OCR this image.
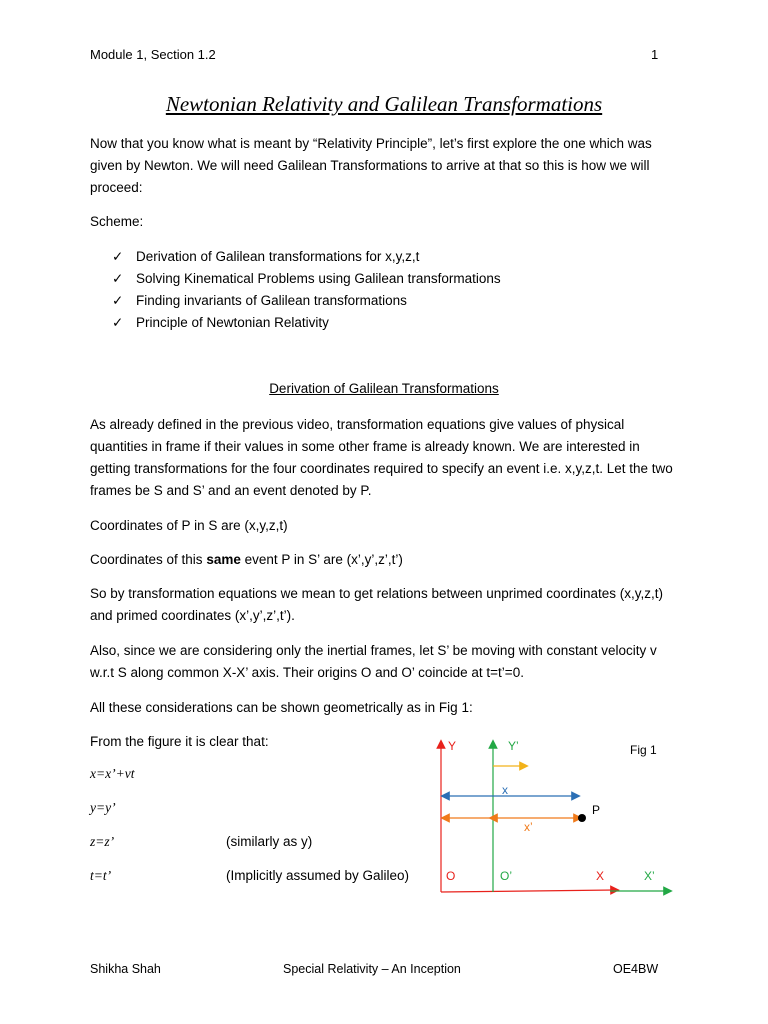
Module 1, Section 1.2	1
Newtonian Relativity and Galilean Transformations
Now that you know what is meant by “Relativity Principle”, let’s first explore the one which was given by Newton. We will need Galilean Transformations to arrive at that so this is how we will proceed:
Scheme:
✓ Derivation of Galilean transformations for x,y,z,t
✓ Solving Kinematical Problems using Galilean transformations
✓ Finding invariants of Galilean transformations
✓ Principle of Newtonian Relativity
Derivation of Galilean Transformations
As already defined in the previous video, transformation equations give values of physical quantities in frame if their values in some other frame is already known. We are interested in getting transformations for the four coordinates required to specify an event i.e. x,y,z,t. Let the two frames be S and S’ and an event denoted by P.
Coordinates of P in S are (x,y,z,t)
Coordinates of this same event P in S’ are (x’,y’,z’,t’)
So by transformation equations we mean to get relations between unprimed coordinates (x,y,z,t) and primed coordinates (x’,y’,z’,t’).
Also, since we are considering only the inertial frames, let S’ be moving with constant velocity v w.r.t S along common X-X’ axis. Their origins O and O’ coincide at t=t’=0.
All these considerations can be shown geometrically as in Fig 1:
From the figure it is clear that:
x=x’+vt
y=y’
z=z’	(similarly as y)
t=t’	(Implicitly assumed by Galileo)
Y	Y’	Fig 1
x
P
x’
O	O’	X	X’
Shikha Shah	Special Relativity – An Inception	OE4BW
